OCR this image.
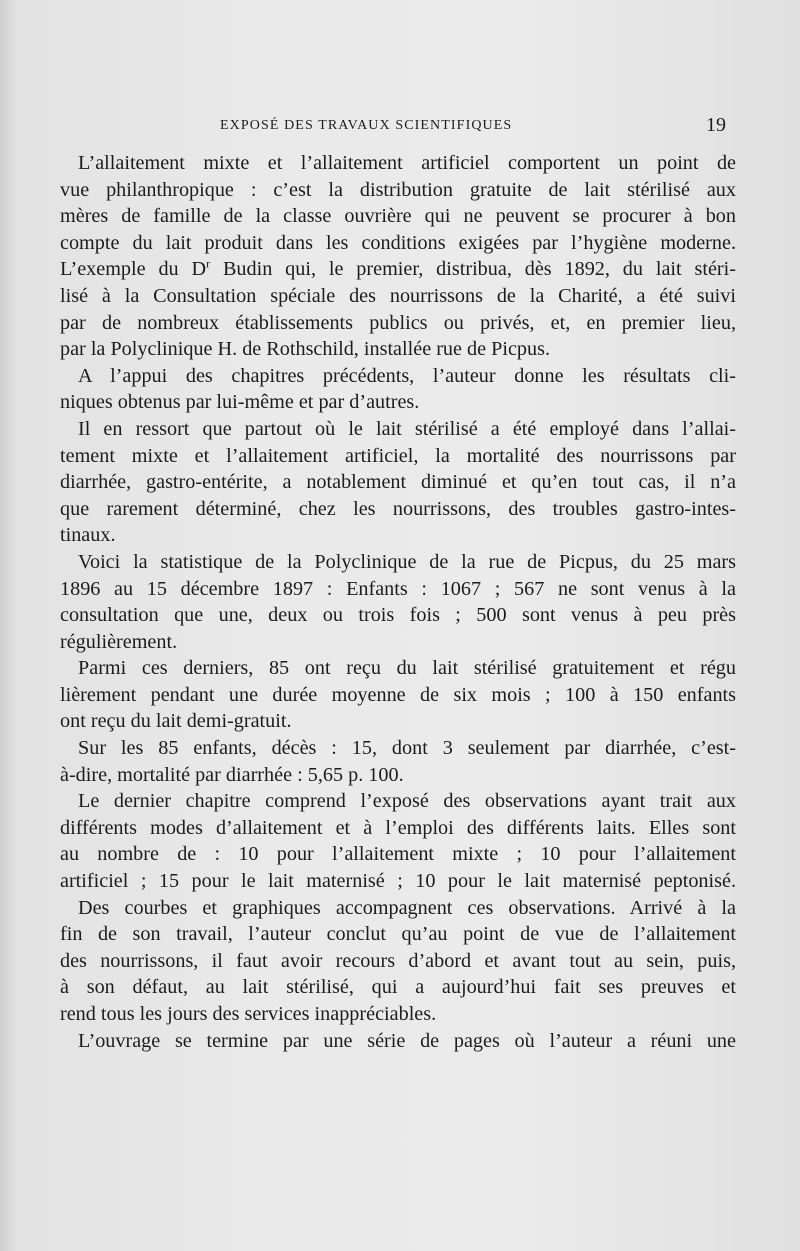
EXPOSÉ DES TRAVAUX SCIENTIFIQUES	19
L’allaitement mixte et l’allaitement artificiel comportent un point de
vue philanthropique : c’est la distribution gratuite de lait stérilisé aux
mères de famille de la classe ouvrière qui ne peuvent se procurer à bon
compte du lait produit dans les conditions exigées par l’hygiène moderne.
L’exemple du $D^r$ Budin qui, le premier, distribua, dès 1892, du lait stéri-
lisé à la Consultation spéciale des nourrissons de la Charité, a été suivi
par de nombreux établissements publics ou privés, et, en premier lieu,
par la Polyclinique H. de Rothschild, installée rue de Picpus.
A l’appui des chapitres précédents, l’auteur donne les résultats cli-
niques obtenus par lui-même et par d’autres.
Il en ressort que partout où le lait stérilisé a été employé dans l’allai-
tement mixte et l’allaitement artificiel, la mortalité des nourrissons par
diarrhée, gastro-entérite, a notablement diminué et qu’en tout cas, il n’a
que rarement déterminé, chez les nourrissons, des troubles gastro-intes-
tinaux.
Voici la statistique de la Polyclinique de la rue de Picpus, du 25 mars
1896 au 15 décembre 1897 : Enfants : 1067 ; 567 ne sont venus à la
consultation que une, deux ou trois fois ; 500 sont venus à peu près
régulièrement.
Parmi ces derniers, 85 ont reçu du lait stérilisé gratuitement et régu
lièrement pendant une durée moyenne de six mois ; 100 à 150 enfants
ont reçu du lait demi-gratuit.
Sur les 85 enfants, décès : 15, dont 3 seulement par diarrhée, c’est-
à-dire, mortalité par diarrhée : 5,65 p. 100.
Le dernier chapitre comprend l’exposé des observations ayant trait aux
différents modes d’allaitement et à l’emploi des différents laits. Elles sont
au nombre de : 10 pour l’allaitement mixte ; 10 pour l’allaitement
artificiel ; 15 pour le lait maternisé ; 10 pour le lait maternisé peptonisé.
Des courbes et graphiques accompagnent ces observations. Arrivé à la
fin de son travail, l’auteur conclut qu’au point de vue de l’allaitement
des nourrissons, il faut avoir recours d’abord et avant tout au sein, puis,
à son défaut, au lait stérilisé, qui a aujourd’hui fait ses preuves et
rend tous les jours des services inappréciables.
L’ouvrage se termine par une série de pages où l’auteur a réuni une
